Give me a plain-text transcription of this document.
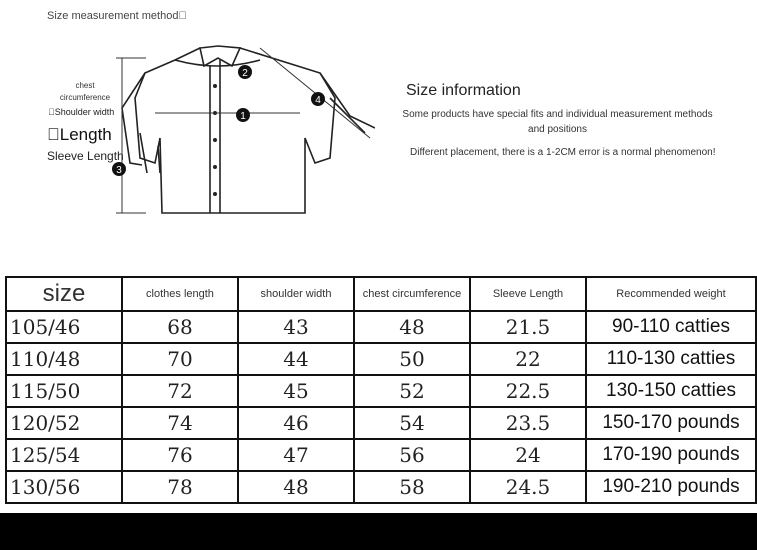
Size measurement method 
1
2
3
4
chest circumference
 Shoulder width
 Length
Sleeve Length
Size information
Some products have special fits and individual measurement methods and positions
Different placement, there is a 1-2CM error is a normal phenomenon!
size	clothes length	shoulder width	chest circumference	Sleeve Length	Recommended weight
105/46	68	43	48	21.5	90-110 catties
110/48	70	44	50	22	110-130 catties
115/50	72	45	52	22.5	130-150 catties
120/52	74	46	54	23.5	150-170 pounds
125/54	76	47	56	24	170-190 pounds
130/56	78	48	58	24.5	190-210 pounds
